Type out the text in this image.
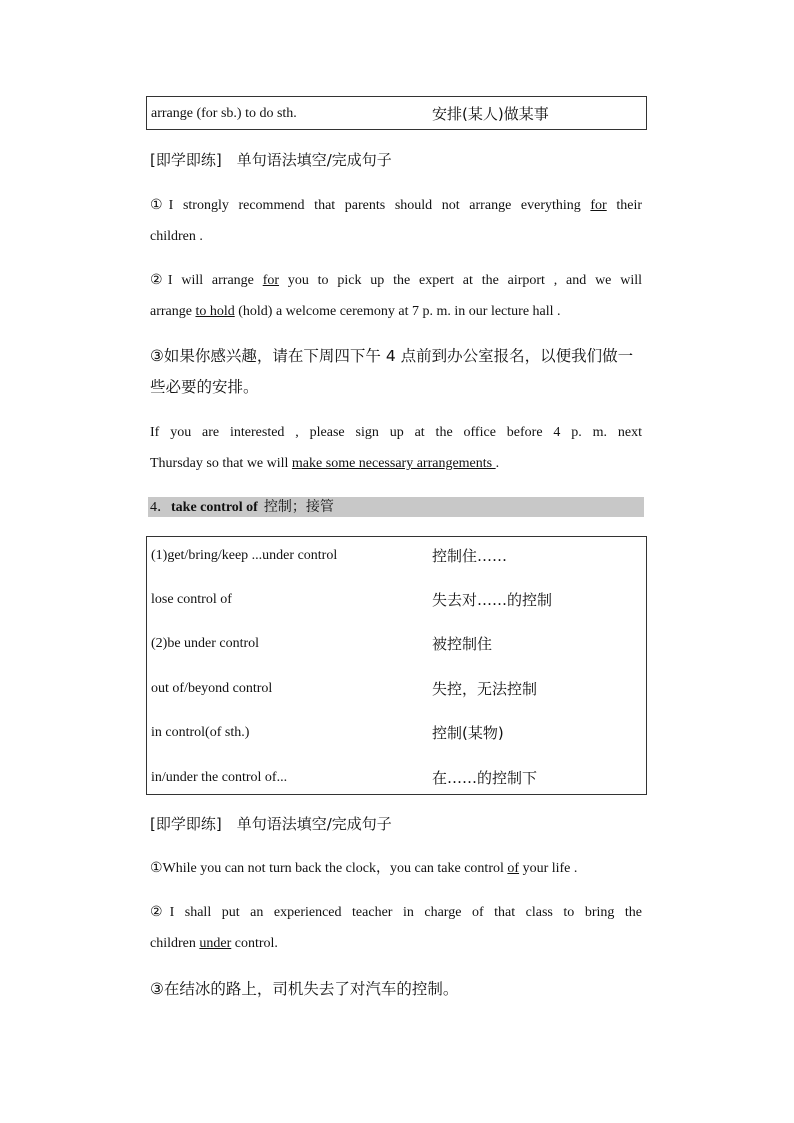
arrange (for sb.) to do sth.	安排(某人)做某事
[即学即练]　单句语法填空/完成句子
①I strongly recommend that parents should not arrange everything for their
children .
②I will arrange for you to pick up the expert at the airport , and we will
arrange to hold (hold) a welcome ceremony at 7 p. m. in our lecture hall .
③如果你感兴趣，请在下周四下午 4 点前到办公室报名，以便我们做一
些必要的安排。
If you are interested , please sign up at the office before 4 p. m. next
Thursday so that we will make some necessary arrangements .
4．take control of 控制；接管
(1)get/bring/keep ...under control	控制住……
lose control of	失去对……的控制
(2)be under control	被控制住
out of/beyond control	失控，无法控制
in control(of sth.)	控制(某物)
in/under the control of...	在……的控制下
[即学即练]　单句语法填空/完成句子
①While you can not turn back the clock，you can take control of your life .
②I shall put an experienced teacher in charge of that class to bring the
children under control.
③在结冰的路上，司机失去了对汽车的控制。
